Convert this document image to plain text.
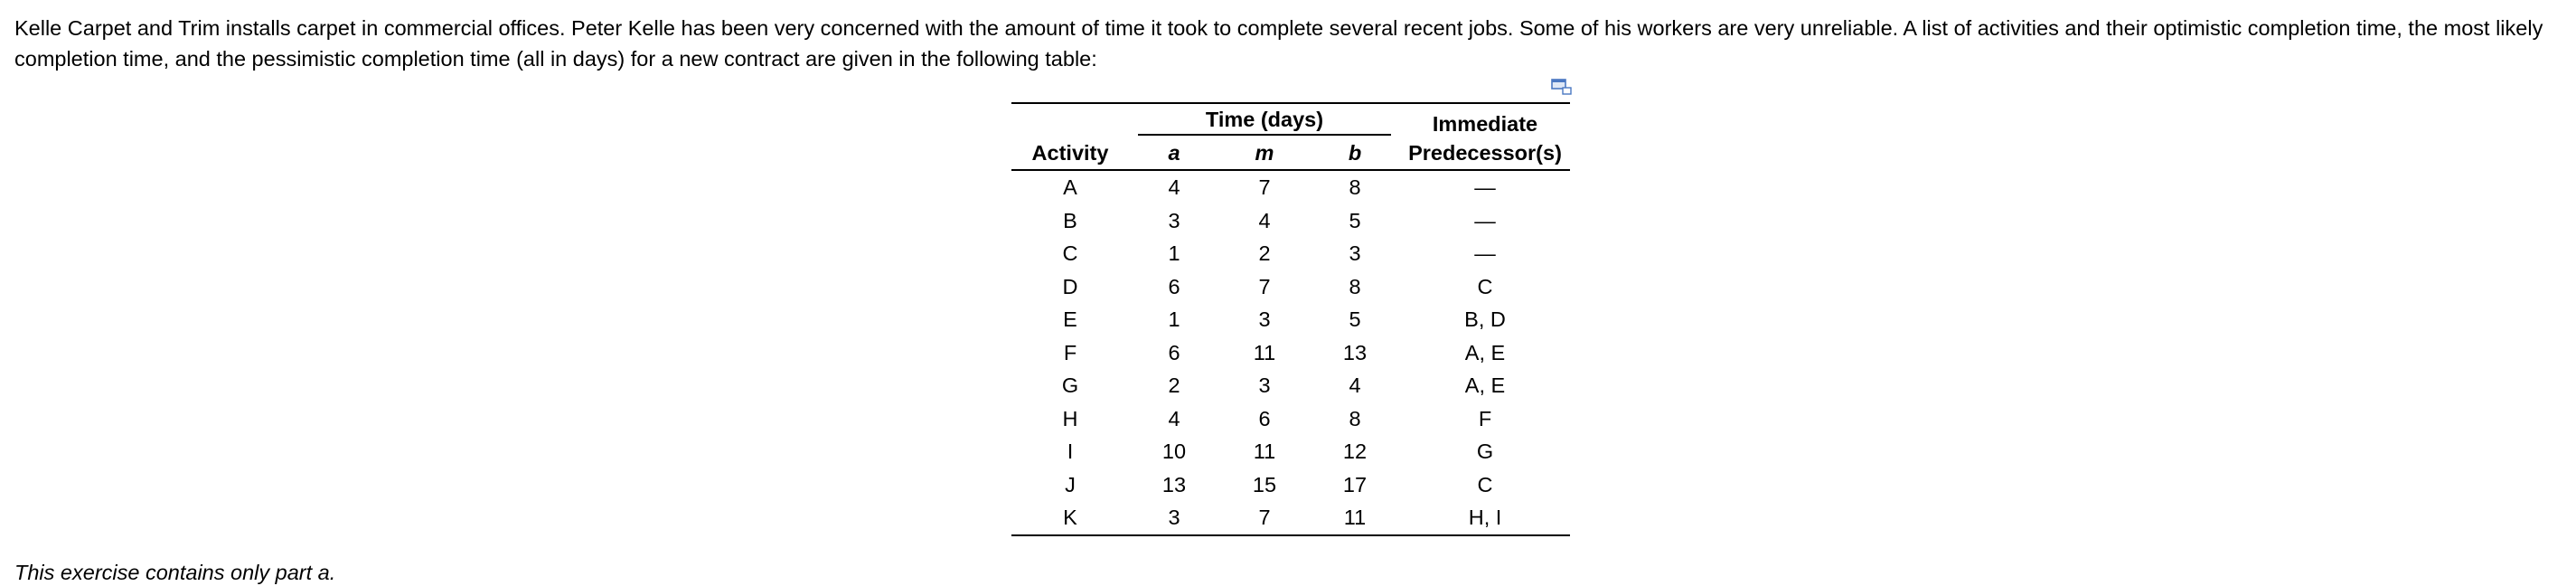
Kelle Carpet and Trim installs carpet in commercial offices. Peter Kelle has been very concerned with the amount of time it took to complete several recent jobs. Some of his workers are very unreliable. A list of activities and their optimistic completion time, the most likely completion time, and the pessimistic completion time (all in days) for a new contract are given in the following table:

	Time (days)			Immediate
Activity	a	m	b	Predecessor(s)
A	4	7	8	—
B	3	4	5	—
C	1	2	3	—
D	6	7	8	C
E	1	3	5	B, D
F	6	11	13	A, E
G	2	3	4	A, E
H	4	6	8	F
I	10	11	12	G
J	13	15	17	C
K	3	7	11	H, I

This exercise contains only part a.
